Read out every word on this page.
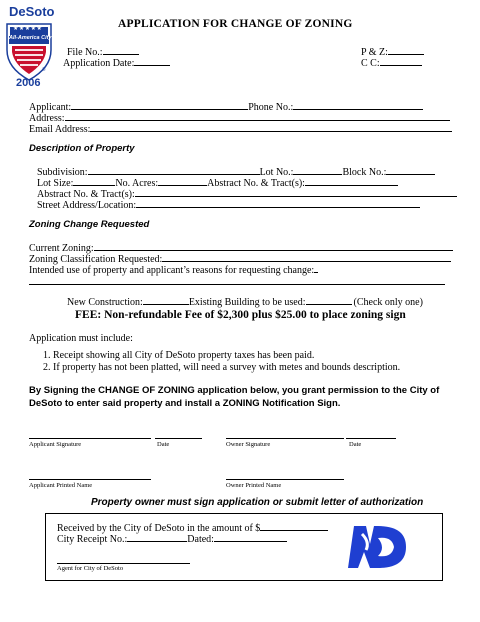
DeSoto
★★★★★
All-America City
®
2006
APPLICATION FOR CHANGE OF ZONING
File No.:
Application Date:
P & Z:
C C:
Applicant:	Phone No.:
Address:
Email Address:
Description of Property
Subdivision:	Lot No.:	Block No.:
Lot Size:	No. Acres:	Abstract No. & Tract(s):
Abstract No. & Tract(s):
Street Address/Location:
Zoning Change Requested
Current Zoning:
Zoning Classification Requested:
Intended use of property and applicant’s reasons for requesting change:
New Construction:	Existing Building to be used:	(Check only one)
FEE: Non-refundable Fee of $2,300 plus $25.00 to place zoning sign
Application must include:
1. Receipt showing all City of DeSoto property taxes has been paid.
2. If property has not been platted, will need a survey with metes and bounds description.
By Signing the CHANGE OF ZONING application below, you grant permission to the City of DeSoto to enter said property and install a ZONING Notification Sign.
Applicant Signature	Date	Owner Signature	Date
Applicant Printed Name	Owner Printed Name
Property owner must sign application or submit letter of authorization
Received by the City of DeSoto in the amount of $
City Receipt No.:	Dated:
Agent for City of DeSoto
